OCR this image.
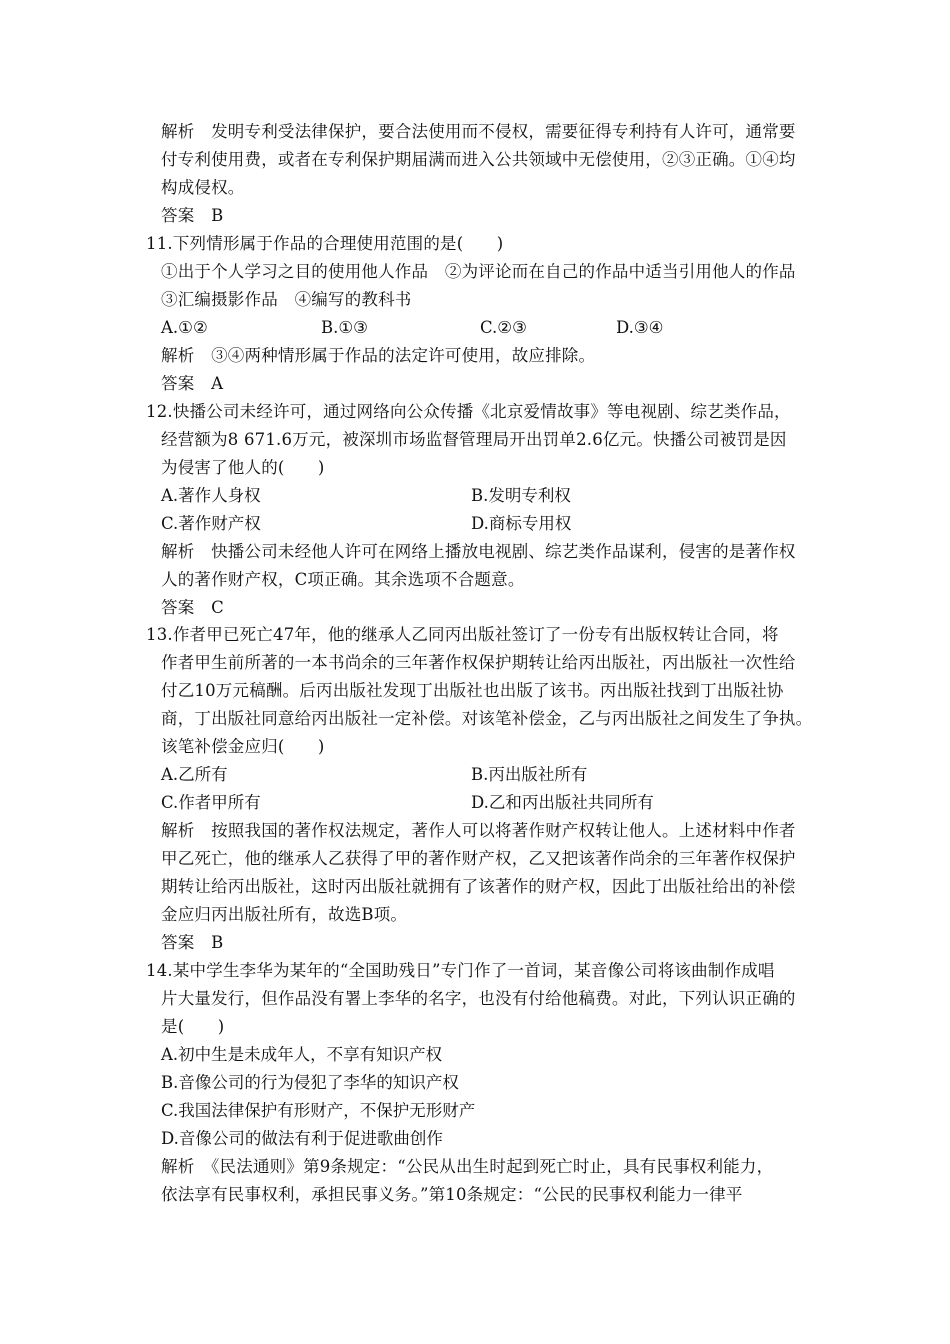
解析　发明专利受法律保护，要合法使用而不侵权，需要征得专利持有人许可，通常要
付专利使用费，或者在专利保护期届满而进入公共领域中无偿使用，②③正确。①④均
构成侵权。
答案　B
11.下列情形属于作品的合理使用范围的是(　　)
①出于个人学习之目的使用他人作品　②为评论而在自己的作品中适当引用他人的作品
③汇编摄影作品　④编写的教科书
A.①②	B.①③	C.②③	D.③④
解析　③④两种情形属于作品的法定许可使用，故应排除。
答案　A
12.快播公司未经许可，通过网络向公众传播《北京爱情故事》等电视剧、综艺类作品，
经营额为8 671.6万元，被深圳市场监督管理局开出罚单2.6亿元。快播公司被罚是因
为侵害了他人的(　　)
A.著作人身权	B.发明专利权
C.著作财产权	D.商标专用权
解析　快播公司未经他人许可在网络上播放电视剧、综艺类作品谋利，侵害的是著作权
人的著作财产权，C项正确。其余选项不合题意。
答案　C
13.作者甲已死亡47年，他的继承人乙同丙出版社签订了一份专有出版权转让合同，将
作者甲生前所著的一本书尚余的三年著作权保护期转让给丙出版社，丙出版社一次性给
付乙10万元稿酬。后丙出版社发现丁出版社也出版了该书。丙出版社找到丁出版社协
商，丁出版社同意给丙出版社一定补偿。对该笔补偿金，乙与丙出版社之间发生了争执。
该笔补偿金应归(　　)
A.乙所有	B.丙出版社所有
C.作者甲所有	D.乙和丙出版社共同所有
解析　按照我国的著作权法规定，著作人可以将著作财产权转让他人。上述材料中作者
甲乙死亡，他的继承人乙获得了甲的著作财产权，乙又把该著作尚余的三年著作权保护
期转让给丙出版社，这时丙出版社就拥有了该著作的财产权，因此丁出版社给出的补偿
金应归丙出版社所有，故选B项。
答案　B
14.某中学生李华为某年的“全国助残日”专门作了一首词，某音像公司将该曲制作成唱
片大量发行，但作品没有署上李华的名字，也没有付给他稿费。对此，下列认识正确的
是(　　)
A.初中生是未成年人，不享有知识产权
B.音像公司的行为侵犯了李华的知识产权
C.我国法律保护有形财产，不保护无形财产
D.音像公司的做法有利于促进歌曲创作
解析　《民法通则》第9条规定：“公民从出生时起到死亡时止，具有民事权利能力，
依法享有民事权利，承担民事义务。”第10条规定：“公民的民事权利能力一律平
